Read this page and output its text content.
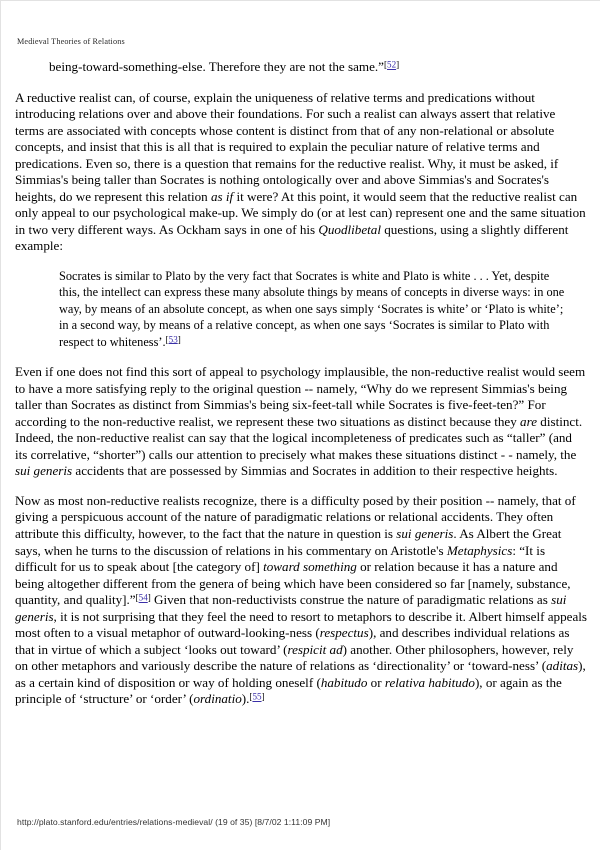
Medieval Theories of Relations

being-toward-something-else. Therefore they are not the same.”[52]

A reductive realist can, of course, explain the uniqueness of relative terms and predications without introducing relations over and above their foundations. For such a realist can always assert that relative terms are associated with concepts whose content is distinct from that of any non-relational or absolute concepts, and insist that this is all that is required to explain the peculiar nature of relative terms and predications. Even so, there is a question that remains for the reductive realist. Why, it must be asked, if Simmias's being taller than Socrates is nothing ontologically over and above Simmias's and Socrates's heights, do we represent this relation as if it were? At this point, it would seem that the reductive realist can only appeal to our psychological make-up. We simply do (or at lest can) represent one and the same situation in two very different ways. As Ockham says in one of his Quodlibetal questions, using a slightly different example:

Socrates is similar to Plato by the very fact that Socrates is white and Plato is white . . . Yet, despite this, the intellect can express these many absolute things by means of concepts in diverse ways: in one way, by means of an absolute concept, as when one says simply ‘Socrates is white’ or ‘Plato is white’; in a second way, by means of a relative concept, as when one says ‘Socrates is similar to Plato with respect to whiteness’.[53]

Even if one does not find this sort of appeal to psychology implausible, the non-reductive realist would seem to have a more satisfying reply to the original question -- namely, “Why do we represent Simmias's being taller than Socrates as distinct from Simmias's being six-feet-tall while Socrates is five-feet-ten?” For according to the non-reductive realist, we represent these two situations as distinct because they are distinct. Indeed, the non-reductive realist can say that the logical incompleteness of predicates such as “taller” (and its correlative, “shorter”) calls our attention to precisely what makes these situations distinct - - namely, the sui generis accidents that are possessed by Simmias and Socrates in addition to their respective heights.

Now as most non-reductive realists recognize, there is a difficulty posed by their position -- namely, that of giving a perspicuous account of the nature of paradigmatic relations or relational accidents. They often attribute this difficulty, however, to the fact that the nature in question is sui generis. As Albert the Great says, when he turns to the discussion of relations in his commentary on Aristotle's Metaphysics: “It is difficult for us to speak about [the category of] toward something or relation because it has a nature and being altogether different from the genera of being which have been considered so far [namely, substance, quantity, and quality].”[54] Given that non-reductivists construe the nature of paradigmatic relations as sui generis, it is not surprising that they feel the need to resort to metaphors to describe it. Albert himself appeals most often to a visual metaphor of outward-looking-ness (respectus), and describes individual relations as that in virtue of which a subject ‘looks out toward’ (respicit ad) another. Other philosophers, however, rely on other metaphors and variously describe the nature of relations as ‘directionality’ or ‘toward-ness’ (aditas), as a certain kind of disposition or way of holding oneself (habitudo or relativa habitudo), or again as the principle of ‘structure’ or ‘order’ (ordinatio).[55]

http://plato.stanford.edu/entries/relations-medieval/ (19 of 35) [8/7/02 1:11:09 PM]
